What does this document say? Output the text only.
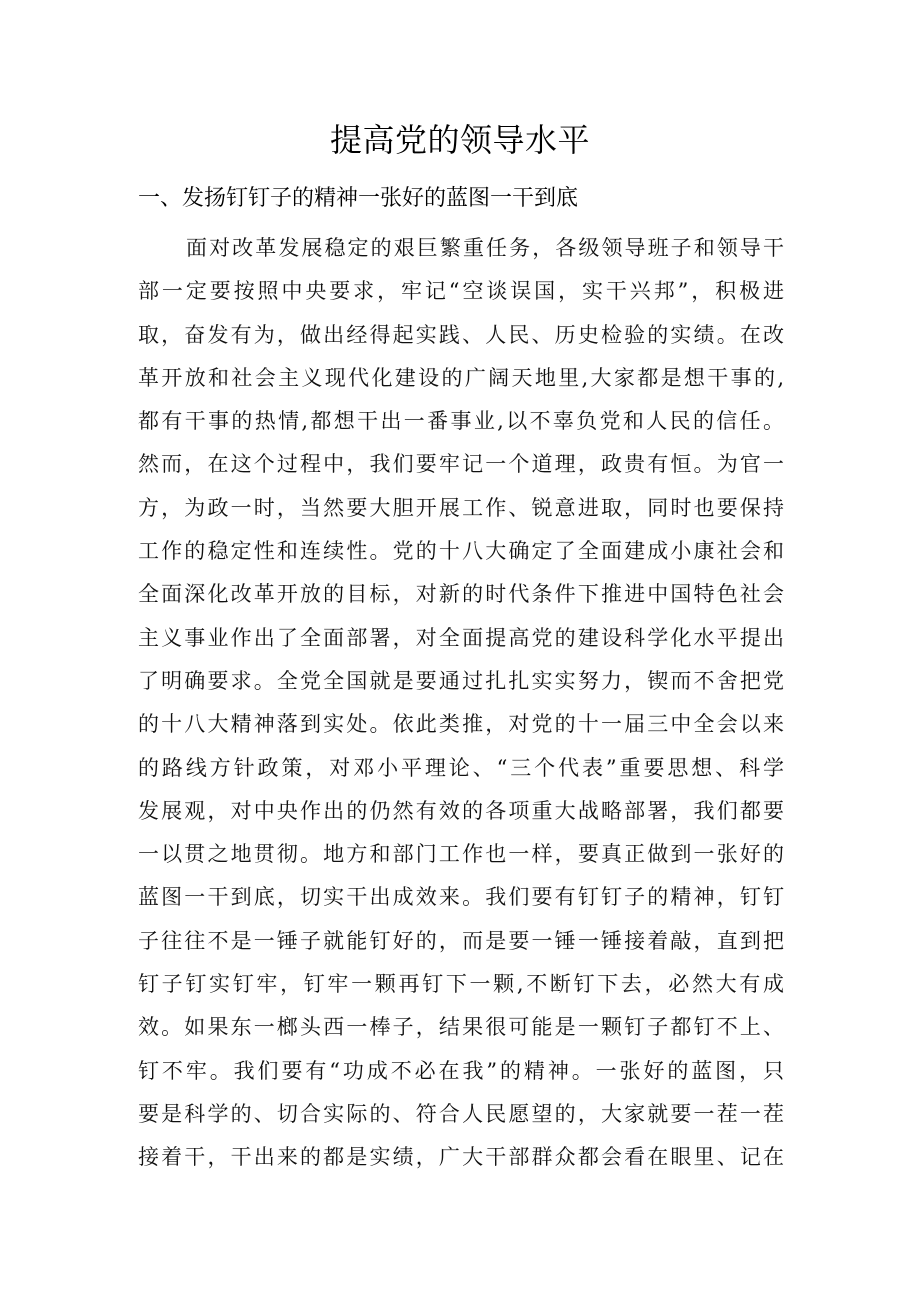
提高党的领导水平
一、发扬钉钉子的精神一张好的蓝图一干到底
面对改革发展稳定的艰巨繁重任务，各级领导班子和领导干
部一定要按照中央要求，牢记“空谈误国，实干兴邦”，积极进
取，奋发有为，做出经得起实践、人民、历史检验的实绩。在改
革开放和社会主义现代化建设的广阔天地里,大家都是想干事的,
都有干事的热情,都想干出一番事业,以不辜负党和人民的信任。
然而，在这个过程中，我们要牢记一个道理，政贵有恒。为官一
方，为政一时，当然要大胆开展工作、锐意进取，同时也要保持
工作的稳定性和连续性。党的十八大确定了全面建成小康社会和
全面深化改革开放的目标，对新的时代条件下推进中国特色社会
主义事业作出了全面部署，对全面提高党的建设科学化水平提出
了明确要求。全党全国就是要通过扎扎实实努力，锲而不舍把党
的十八大精神落到实处。依此类推，对党的十一届三中全会以来
的路线方针政策，对邓小平理论、“三个代表”重要思想、科学
发展观，对中央作出的仍然有效的各项重大战略部署，我们都要
一以贯之地贯彻。地方和部门工作也一样，要真正做到一张好的
蓝图一干到底，切实干出成效来。我们要有钉钉子的精神，钉钉
子往往不是一锤子就能钉好的，而是要一锤一锤接着敲，直到把
钉子钉实钉牢，钉牢一颗再钉下一颗,不断钉下去，必然大有成
效。如果东一榔头西一棒子，结果很可能是一颗钉子都钉不上、
钉不牢。我们要有“功成不必在我”的精神。一张好的蓝图，只
要是科学的、切合实际的、符合人民愿望的，大家就要一茬一茬
接着干，干出来的都是实绩，广大干部群众都会看在眼里、记在
